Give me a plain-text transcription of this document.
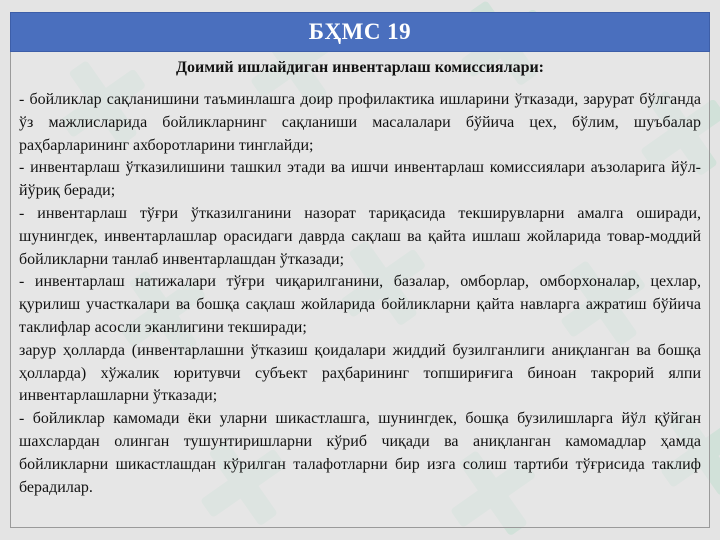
БҲМС 19
Доимий ишлайдиган инвентарлаш комиссиялари:

- бойликлар сақланишини таъминлашга доир профилактика ишларини ўтказади, зарурат бўлганда ўз мажлисларида бойликларнинг сақланиши масалалари бўйича цех, бўлим, шуъбалар раҳбарларининг ахборотларини тинглайди;

- инвентарлаш ўтказилишини ташкил этади ва ишчи инвентарлаш комиссиялари аъзоларига йўл-йўриқ беради;

- инвентарлаш тўғри ўтказилганини назорат тариқасида текширувларни амалга оширади, шунингдек, инвентарлашлар орасидаги даврда сақлаш ва қайта ишлаш жойларида товар-моддий бойликларни танлаб инвентарлашдан ўтказади;

- инвентарлаш натижалари тўғри чиқарилганини, базалар, омборлар, омборхоналар, цехлар, қурилиш участкалари ва бошқа сақлаш жойларида бойликларни қайта навларга ажратиш бўйича таклифлар асосли эканлигини текширади;

зарур ҳолларда (инвентарлашни ўтказиш қоидалари жиддий бузилганлиги аниқланган ва бошқа ҳолларда) хўжалик юритувчи субъект раҳбарининг топшириғига биноан такрорий ялпи инвентарлашларни ўтказади;

- бойликлар камомади ёки уларни шикастлашга, шунингдек, бошқа бузилишларга йўл қўйган шахслардан олинган тушунтиришларни кўриб чиқади ва аниқланган камомадлар ҳамда бойликларни шикастлашдан кўрилган талафотларни бир изга солиш тартиби тўғрисида таклиф берадилар.
